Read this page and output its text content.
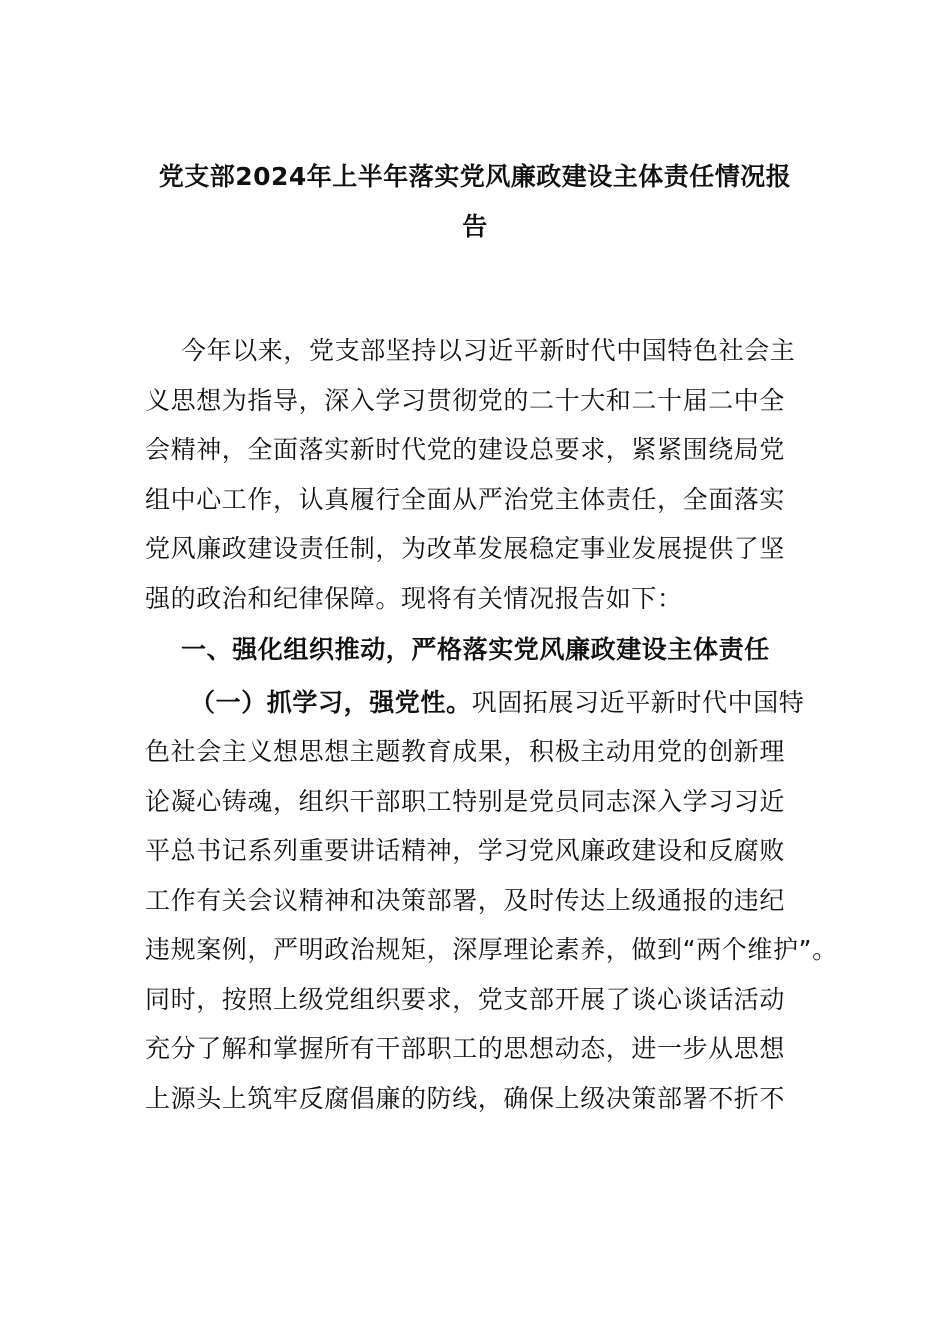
党支部2024年上半年落实党风廉政建设主体责任情况报
告
今年以来，党支部坚持以习近平新时代中国特色社会主
义思想为指导，深入学习贯彻党的二十大和二十届二中全
会精神，全面落实新时代党的建设总要求，紧紧围绕局党
组中心工作，认真履行全面从严治党主体责任，全面落实
党风廉政建设责任制，为改革发展稳定事业发展提供了坚
强的政治和纪律保障。现将有关情况报告如下：
一、强化组织推动，严格落实党风廉政建设主体责任
（一）抓学习，强党性。巩固拓展习近平新时代中国特
色社会主义想思想主题教育成果，积极主动用党的创新理
论凝心铸魂，组织干部职工特别是党员同志深入学习习近
平总书记系列重要讲话精神，学习党风廉政建设和反腐败
工作有关会议精神和决策部署，及时传达上级通报的违纪
违规案例，严明政治规矩，深厚理论素养，做到“两个维护”。
同时，按照上级党组织要求，党支部开展了谈心谈话活动
充分了解和掌握所有干部职工的思想动态，进一步从思想
上源头上筑牢反腐倡廉的防线，确保上级决策部署不折不
